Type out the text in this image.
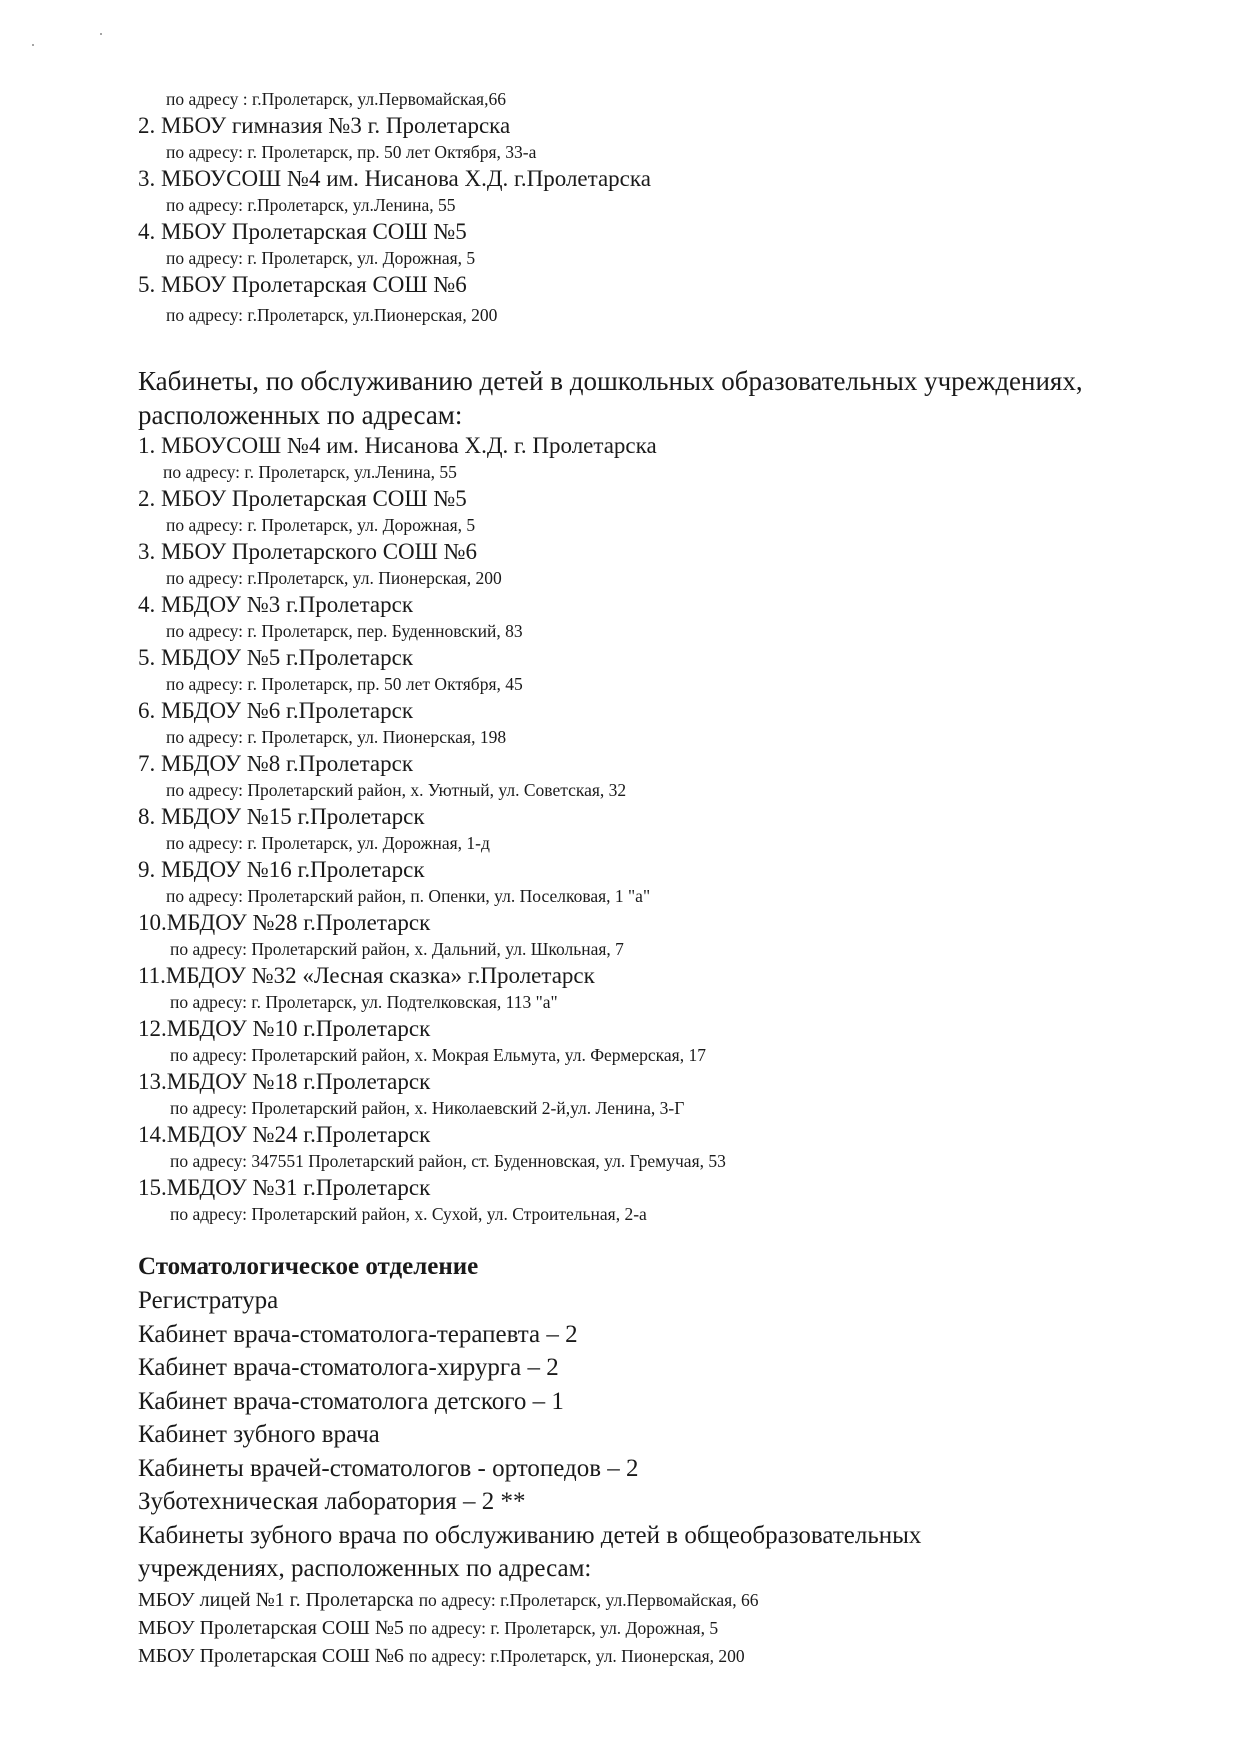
по адресу : г.Пролетарск, ул.Первомайская,66
2. МБОУ гимназия №3 г. Пролетарска
по адресу: г. Пролетарск, пр. 50 лет Октября, 33-а
3. МБОУСОШ №4 им. Нисанова Х.Д. г.Пролетарска
по адресу: г.Пролетарск, ул.Ленина, 55
4. МБОУ Пролетарская СОШ №5
по адресу: г. Пролетарск, ул. Дорожная, 5
5. МБОУ Пролетарская СОШ №6
по адресу: г.Пролетарск, ул.Пионерская, 200
Кабинеты, по обслуживанию детей в дошкольных образовательных учреждениях,
расположенных по адресам:
1. МБОУСОШ №4 им. Нисанова Х.Д. г. Пролетарска
по адресу: г. Пролетарск, ул.Ленина, 55
2. МБОУ Пролетарская СОШ №5
по адресу: г. Пролетарск, ул. Дорожная, 5
3. МБОУ Пролетарского СОШ №6
по адресу: г.Пролетарск, ул. Пионерская, 200
4. МБДОУ №3 г.Пролетарск
по адресу: г. Пролетарск, пер. Буденновский, 83
5. МБДОУ №5 г.Пролетарск
по адресу: г. Пролетарск, пр. 50 лет Октября, 45
6. МБДОУ №6 г.Пролетарск
по адресу: г. Пролетарск, ул. Пионерская, 198
7. МБДОУ №8 г.Пролетарск
по адресу: Пролетарский район, х. Уютный, ул. Советская, 32
8. МБДОУ №15 г.Пролетарск
по адресу: г. Пролетарск, ул. Дорожная, 1-д
9. МБДОУ №16 г.Пролетарск
по адресу: Пролетарский район, п. Опенки, ул. Поселковая, 1 "а"
10.МБДОУ №28 г.Пролетарск
по адресу: Пролетарский район, х. Дальний, ул. Школьная, 7
11.МБДОУ №32 «Лесная сказка» г.Пролетарск
по адресу: г. Пролетарск, ул. Подтелковская, 113 "а"
12.МБДОУ №10 г.Пролетарск
по адресу: Пролетарский район, х. Мокрая Ельмута, ул. Фермерская, 17
13.МБДОУ №18 г.Пролетарск
по адресу: Пролетарский район, х. Николаевский 2-й,ул. Ленина, 3-Г
14.МБДОУ №24 г.Пролетарск
по адресу: 347551 Пролетарский район, ст. Буденновская, ул. Гремучая, 53
15.МБДОУ №31 г.Пролетарск
по адресу: Пролетарский район, х. Сухой, ул. Строительная, 2-а
Стоматологическое отделение
Регистратура
Кабинет врача-стоматолога-терапевта – 2
Кабинет врача-стоматолога-хирурга – 2
Кабинет врача-стоматолога детского – 1
Кабинет зубного врача
Кабинеты врачей-стоматологов - ортопедов – 2
Зуботехническая лаборатория – 2 **
Кабинеты зубного врача по обслуживанию детей в общеобразовательных
учреждениях, расположенных по адресам:
МБОУ лицей №1 г. Пролетарска по адресу: г.Пролетарск, ул.Первомайская, 66
МБОУ Пролетарская СОШ №5 по адресу: г. Пролетарск, ул. Дорожная, 5
МБОУ Пролетарская СОШ №6 по адресу: г.Пролетарск, ул. Пионерская, 200
